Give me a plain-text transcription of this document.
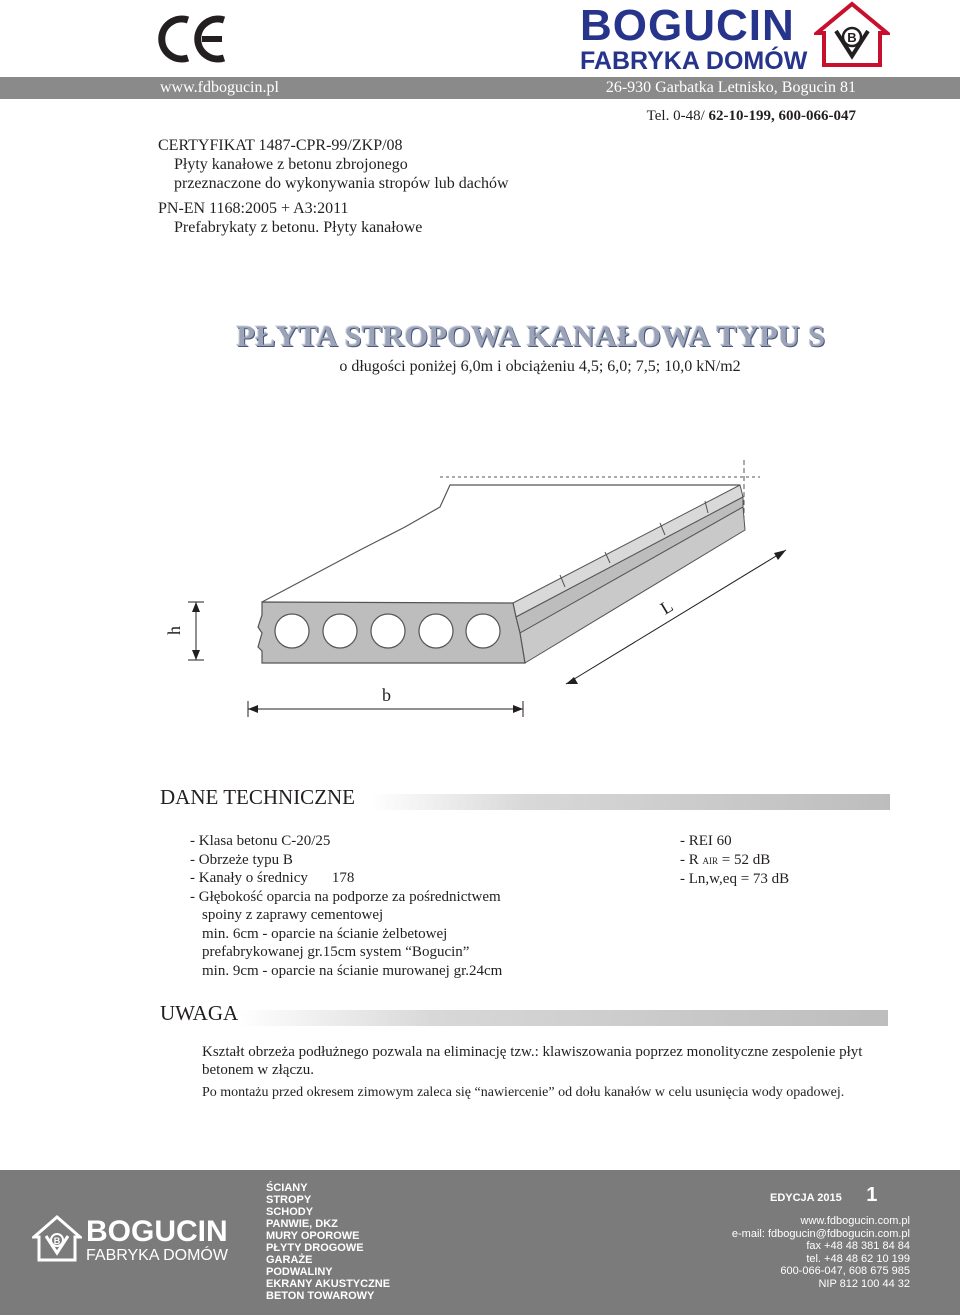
BOGUCIN
FABRYKA DOMÓW
B
www.fdbogucin.pl	26-930 Garbatka Letnisko, Bogucin 81
Tel. 0-48/ 62-10-199, 600-066-047
CERTYFIKAT 1487-CPR-99/ZKP/08
Płyty kanałowe z betonu zbrojonego
przeznaczone do wykonywania stropów lub dachów
PN-EN 1168:2005 + A3:2011
Prefabrykaty z betonu. Płyty kanałowe
PŁYTA STROPOWA KANAŁOWA TYPU S
o długości poniżej 6,0m i obciążeniu 4,5; 6,0; 7,5; 10,0 kN/m2
h
b
L
DANE TECHNICZNE
- Klasa betonu C-20/25
- Obrzeże typu B
- Kanały o średnicy 178
- Głębokość oparcia na podporze za pośrednictwem
spoiny z zaprawy cementowej
min. 6cm - oparcie na ścianie żelbetowej
prefabrykowanej gr.15cm system “Bogucin”
min. 9cm - oparcie na ścianie murowanej gr.24cm
- REI 60
- R AIR = 52 dB
- Ln,w,eq = 73 dB
UWAGA

Kształt obrzeża podłużnego pozwala na eliminację tzw.: klawiszowania poprzez monolityczne zespolenie płyt betonem w złączu.

Po montażu przed okresem zimowym zaleca się “nawiercenie” od dołu kanałów w celu usunięcia wody opadowej.

B BOGUCIN
FABRYKA DOMÓW
ŚCIANY
STROPY
SCHODY
PANWIE, DKZ
MURY OPOROWE
PŁYTY DROGOWE
GARAŻE
PODWALINY
EKRANY AKUSTYCZNE
BETON TOWAROWY
EDYCJA 2015 1
www.fdbogucin.com.pl
e-mail: fdbogucin@fdbogucin.com.pl
fax +48 48 381 84 84
tel. +48 48 62 10 199
600-066-047, 608 675 985
NIP 812 100 44 32
